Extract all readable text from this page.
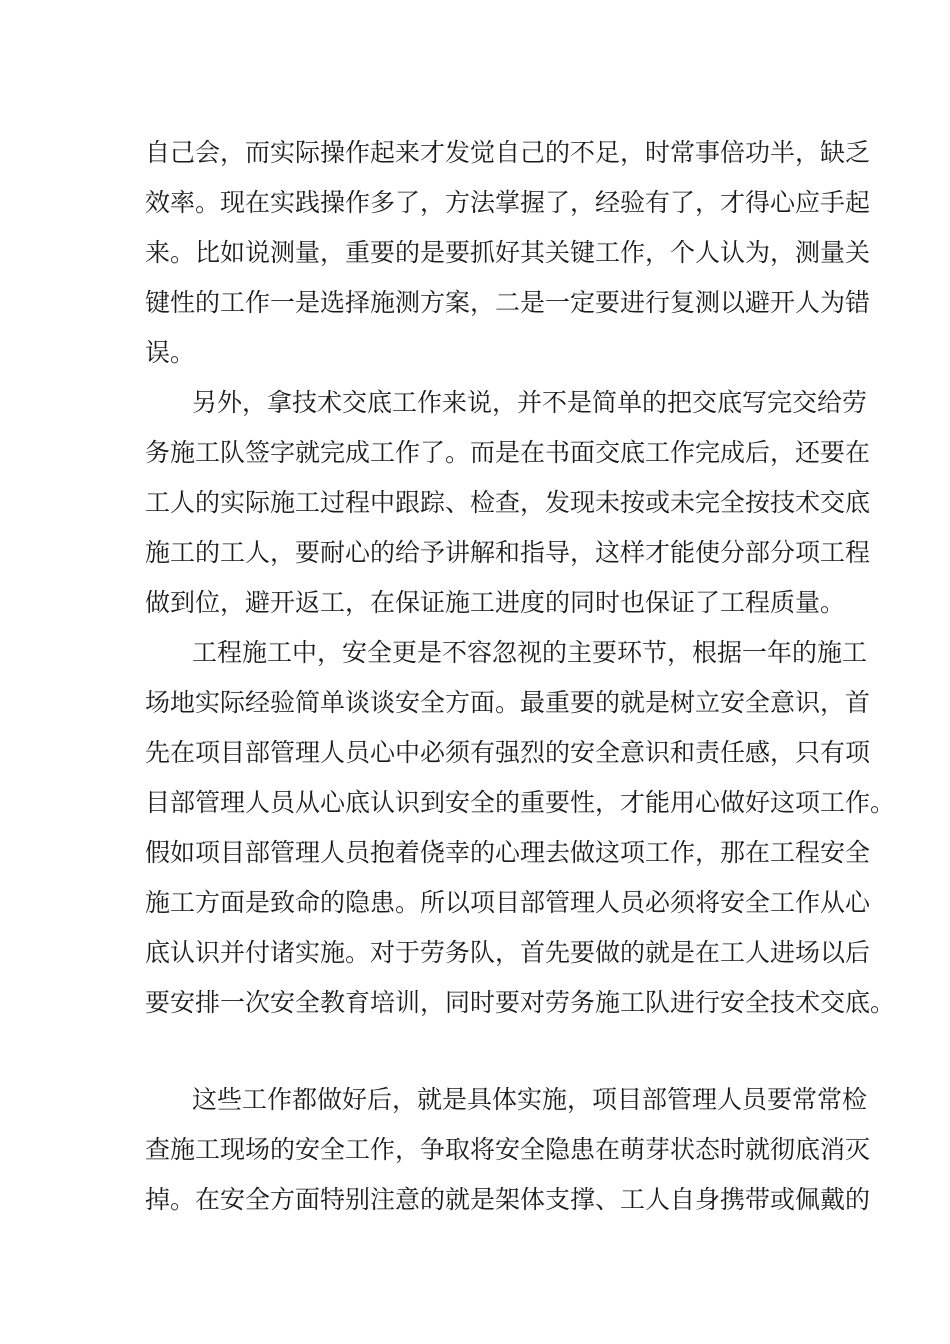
自己会，而实际操作起来才发觉自己的不足，时常事倍功半，缺乏
效率。现在实践操作多了，方法掌握了，经验有了，才得心应手起
来。比如说测量，重要的是要抓好其关键工作，个人认为，测量关
键性的工作一是选择施测方案，二是一定要进行复测以避开人为错
误。
另外，拿技术交底工作来说，并不是简单的把交底写完交给劳
务施工队签字就完成工作了。而是在书面交底工作完成后，还要在
工人的实际施工过程中跟踪、检查，发现未按或未完全按技术交底
施工的工人，要耐心的给予讲解和指导，这样才能使分部分项工程
做到位，避开返工，在保证施工进度的同时也保证了工程质量。
工程施工中，安全更是不容忽视的主要环节，根据一年的施工
场地实际经验简单谈谈安全方面。最重要的就是树立安全意识，首
先在项目部管理人员心中必须有强烈的安全意识和责任感，只有项
目部管理人员从心底认识到安全的重要性，才能用心做好这项工作。
假如项目部管理人员抱着侥幸的心理去做这项工作，那在工程安全
施工方面是致命的隐患。所以项目部管理人员必须将安全工作从心
底认识并付诸实施。对于劳务队，首先要做的就是在工人进场以后
要安排一次安全教育培训，同时要对劳务施工队进行安全技术交底。
这些工作都做好后，就是具体实施，项目部管理人员要常常检
查施工现场的安全工作，争取将安全隐患在萌芽状态时就彻底消灭
掉。在安全方面特别注意的就是架体支撑、工人自身携带或佩戴的
